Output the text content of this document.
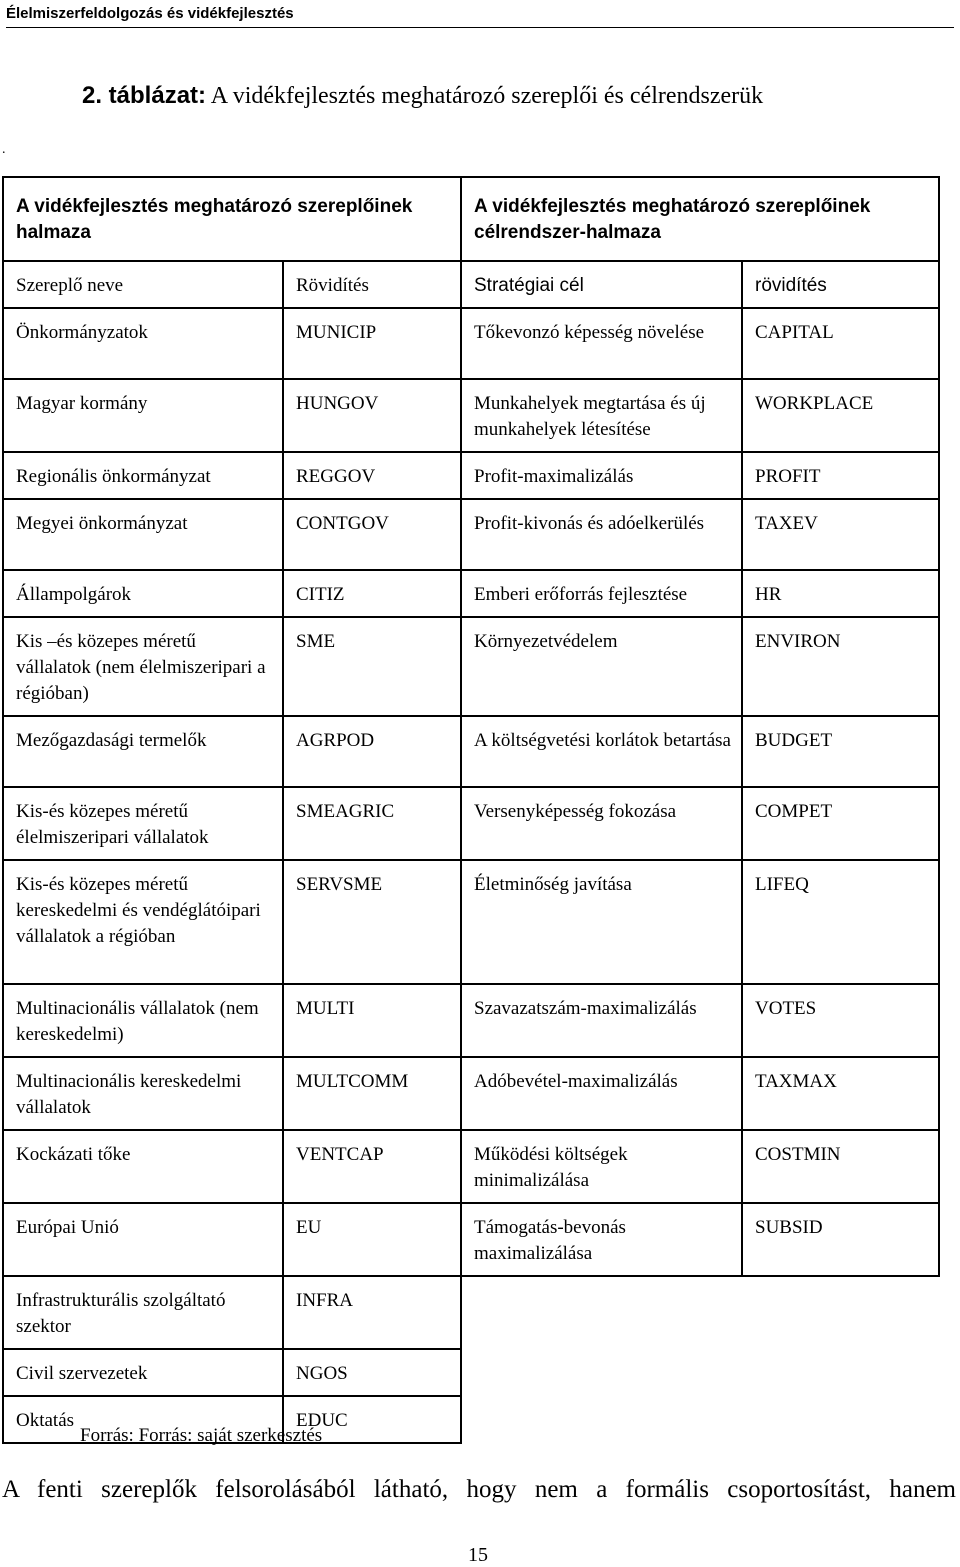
Élelmiszerfeldolgozás és vidékfejlesztés
2. táblázat: A vidékfejlesztés meghatározó szereplői és célrendszerük
.
A vidékfejlesztés meghatározó szereplőinek halmaza		A vidékfejlesztés meghatározó szereplőinek célrendszer-halmaza	
Szereplő neve	Rövidítés	Stratégiai cél	rövidítés
Önkormányzatok	MUNICIP	Tőkevonzó képesség növelése	CAPITAL
Magyar kormány	HUNGOV	Munkahelyek megtartása és új munkahelyek létesítése	WORKPLACE
Regionális önkormányzat	REGGOV	Profit-maximalizálás	PROFIT
Megyei önkormányzat	CONTGOV	Profit-kivonás és adóelkerülés	TAXEV
Állampolgárok	CITIZ	Emberi erőforrás fejlesztése	HR
Kis –és közepes méretű vállalatok (nem élelmiszeripari a régióban)	SME	Környezetvédelem	ENVIRON
Mezőgazdasági termelők	AGRPOD	A költségvetési korlátok betartása	BUDGET
Kis-és közepes méretű élelmiszeripari vállalatok	SMEAGRIC	Versenyképesség fokozása	COMPET
Kis-és közepes méretű kereskedelmi és vendéglátóipari vállalatok a régióban	SERVSME	Életminőség javítása	LIFEQ
Multinacionális vállalatok (nem kereskedelmi)	MULTI	Szavazatszám-maximalizálás	VOTES
Multinacionális kereskedelmi vállalatok	MULTCOMM	Adóbevétel-maximalizálás	TAXMAX
Kockázati tőke	VENTCAP	Működési költségek minimalizálása	COSTMIN
Európai Unió	EU	Támogatás-bevonás maximalizálása	SUBSID
Infrastrukturális szolgáltató szektor	INFRA		
Civil szervezetek	NGOS		
Oktatás	EDUC		
Forrás: Forrás: saját szerkesztés
A fenti szereplők felsorolásából látható, hogy nem a formális csoportosítást, hanem
15
